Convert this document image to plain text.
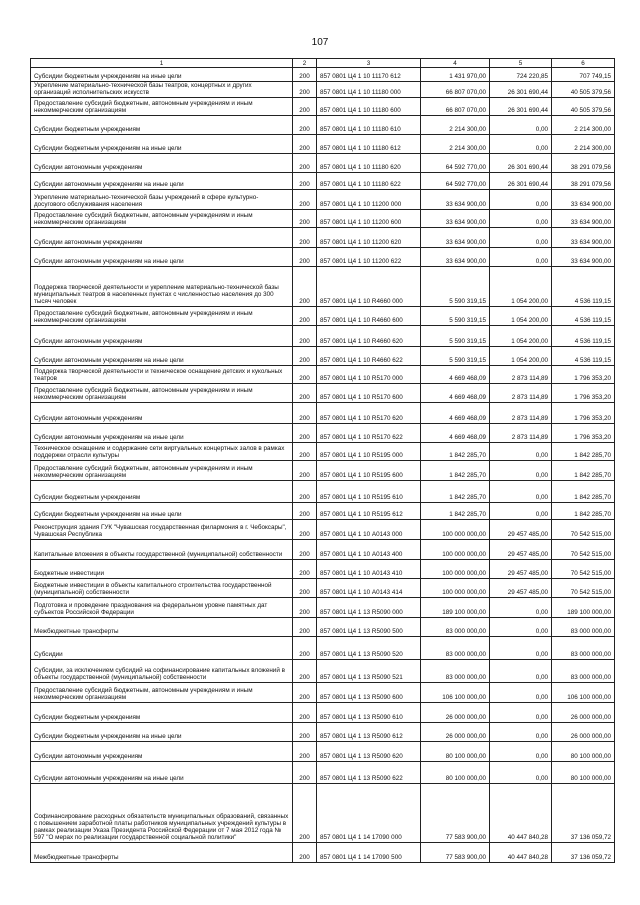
107
1	2	3	4	5	6
Субсидии бюджетным учреждениям на иные цели	200	857 0801 Ц4 1 10 11170 612	1 431 970,00	724 220,85	707 749,15
Укрепление материально-технической базы театров, концертных и других организаций исполнительских искусств	200	857 0801 Ц4 1 10 11180 000	66 807 070,00	26 301 690,44	40 505 379,56
Предоставление субсидий бюджетным, автономным учреждениям и иным некоммерческим организациям	200	857 0801 Ц4 1 10 11180 600	66 807 070,00	26 301 690,44	40 505 379,56
Субсидии бюджетным учреждениям	200	857 0801 Ц4 1 10 11180 610	2 214 300,00	0,00	2 214 300,00
Субсидии бюджетным учреждениям на иные цели	200	857 0801 Ц4 1 10 11180 612	2 214 300,00	0,00	2 214 300,00
Субсидии автономным учреждениям	200	857 0801 Ц4 1 10 11180 620	64 592 770,00	26 301 690,44	38 291 079,56
Субсидии автономным учреждениям на иные цели	200	857 0801 Ц4 1 10 11180 622	64 592 770,00	26 301 690,44	38 291 079,56
Укрепление материально-технической базы учреждений в сфере культурно-досугового обслуживания населения	200	857 0801 Ц4 1 10 11200 000	33 634 900,00	0,00	33 634 900,00
Предоставление субсидий бюджетным, автономным учреждениям и иным некоммерческим организациям	200	857 0801 Ц4 1 10 11200 600	33 634 900,00	0,00	33 634 900,00
Субсидии автономным учреждениям	200	857 0801 Ц4 1 10 11200 620	33 634 900,00	0,00	33 634 900,00
Субсидии автономным учреждениям на иные цели	200	857 0801 Ц4 1 10 11200 622	33 634 900,00	0,00	33 634 900,00
Поддержка творческой деятельности и укрепление материально-технической базы муниципальных театров в населенных пунктах с численностью населения до 300 тысяч человек	200	857 0801 Ц4 1 10 R4660 000	5 590 319,15	1 054 200,00	4 536 119,15
Предоставление субсидий бюджетным, автономным учреждениям и иным некоммерческим организациям	200	857 0801 Ц4 1 10 R4660 600	5 590 319,15	1 054 200,00	4 536 119,15
Субсидии автономным учреждениям	200	857 0801 Ц4 1 10 R4660 620	5 590 319,15	1 054 200,00	4 536 119,15
Субсидии автономным учреждениям на иные цели	200	857 0801 Ц4 1 10 R4660 622	5 590 319,15	1 054 200,00	4 536 119,15
Поддержка творческой деятельности и техническое оснащение детских и кукольных театров	200	857 0801 Ц4 1 10 R5170 000	4 669 468,09	2 873 114,89	1 796 353,20
Предоставление субсидий бюджетным, автономным учреждениям и иным некоммерческим организациям	200	857 0801 Ц4 1 10 R5170 600	4 669 468,09	2 873 114,89	1 796 353,20
Субсидии автономным учреждениям	200	857 0801 Ц4 1 10 R5170 620	4 669 468,09	2 873 114,89	1 796 353,20
Субсидии автономным учреждениям на иные цели	200	857 0801 Ц4 1 10 R5170 622	4 669 468,09	2 873 114,89	1 796 353,20
Техническое оснащение и содержание сети виртуальных концертных залов в рамках поддержки отрасли культуры	200	857 0801 Ц4 1 10 R5195 000	1 842 285,70	0,00	1 842 285,70
Предоставление субсидий бюджетным, автономным учреждениям и иным некоммерческим организациям	200	857 0801 Ц4 1 10 R5195 600	1 842 285,70	0,00	1 842 285,70
Субсидии бюджетным учреждениям	200	857 0801 Ц4 1 10 R5195 610	1 842 285,70	0,00	1 842 285,70
Субсидии бюджетным учреждениям на иные цели	200	857 0801 Ц4 1 10 R5195 612	1 842 285,70	0,00	1 842 285,70
Реконструкция здания ГУК "Чувашская государственная филармония в г. Чебоксары", Чувашская Республика	200	857 0801 Ц4 1 10 А0143 000	100 000 000,00	29 457 485,00	70 542 515,00
Капитальные вложения в объекты государственной (муниципальной) собственности	200	857 0801 Ц4 1 10 А0143 400	100 000 000,00	29 457 485,00	70 542 515,00
Бюджетные инвестиции	200	857 0801 Ц4 1 10 А0143 410	100 000 000,00	29 457 485,00	70 542 515,00
Бюджетные инвестиции в объекты капитального строительства государственной (муниципальной) собственности	200	857 0801 Ц4 1 10 А0143 414	100 000 000,00	29 457 485,00	70 542 515,00
Подготовка и проведение празднования на федеральном уровне памятных дат субъектов Российской Федерации	200	857 0801 Ц4 1 13 R5090 000	189 100 000,00	0,00	189 100 000,00
Межбюджетные трансферты	200	857 0801 Ц4 1 13 R5090 500	83 000 000,00	0,00	83 000 000,00
Субсидии	200	857 0801 Ц4 1 13 R5090 520	83 000 000,00	0,00	83 000 000,00
Субсидии, за исключением субсидий на софинансирование капитальных вложений в объекты государственной (муниципальной) собственности	200	857 0801 Ц4 1 13 R5090 521	83 000 000,00	0,00	83 000 000,00
Предоставление субсидий бюджетным, автономным учреждениям и иным некоммерческим организациям	200	857 0801 Ц4 1 13 R5090 600	106 100 000,00	0,00	106 100 000,00
Субсидии бюджетным учреждениям	200	857 0801 Ц4 1 13 R5090 610	26 000 000,00	0,00	26 000 000,00
Субсидии бюджетным учреждениям на иные цели	200	857 0801 Ц4 1 13 R5090 612	26 000 000,00	0,00	26 000 000,00
Субсидии автономным учреждениям	200	857 0801 Ц4 1 13 R5090 620	80 100 000,00	0,00	80 100 000,00
Субсидии автономным учреждениям на иные цели	200	857 0801 Ц4 1 13 R5090 622	80 100 000,00	0,00	80 100 000,00
Софинансирование расходных обязательств муниципальных образований, связанных с повышением заработной платы работников муниципальных учреждений культуры в рамках реализации Указа Президента Российской Федерации от 7 мая 2012 года № 597 "О мерах по реализации государственной социальной политики"	200	857 0801 Ц4 1 14 17090 000	77 583 900,00	40 447 840,28	37 136 059,72
Межбюджетные трансферты	200	857 0801 Ц4 1 14 17090 500	77 583 900,00	40 447 840,28	37 136 059,72
